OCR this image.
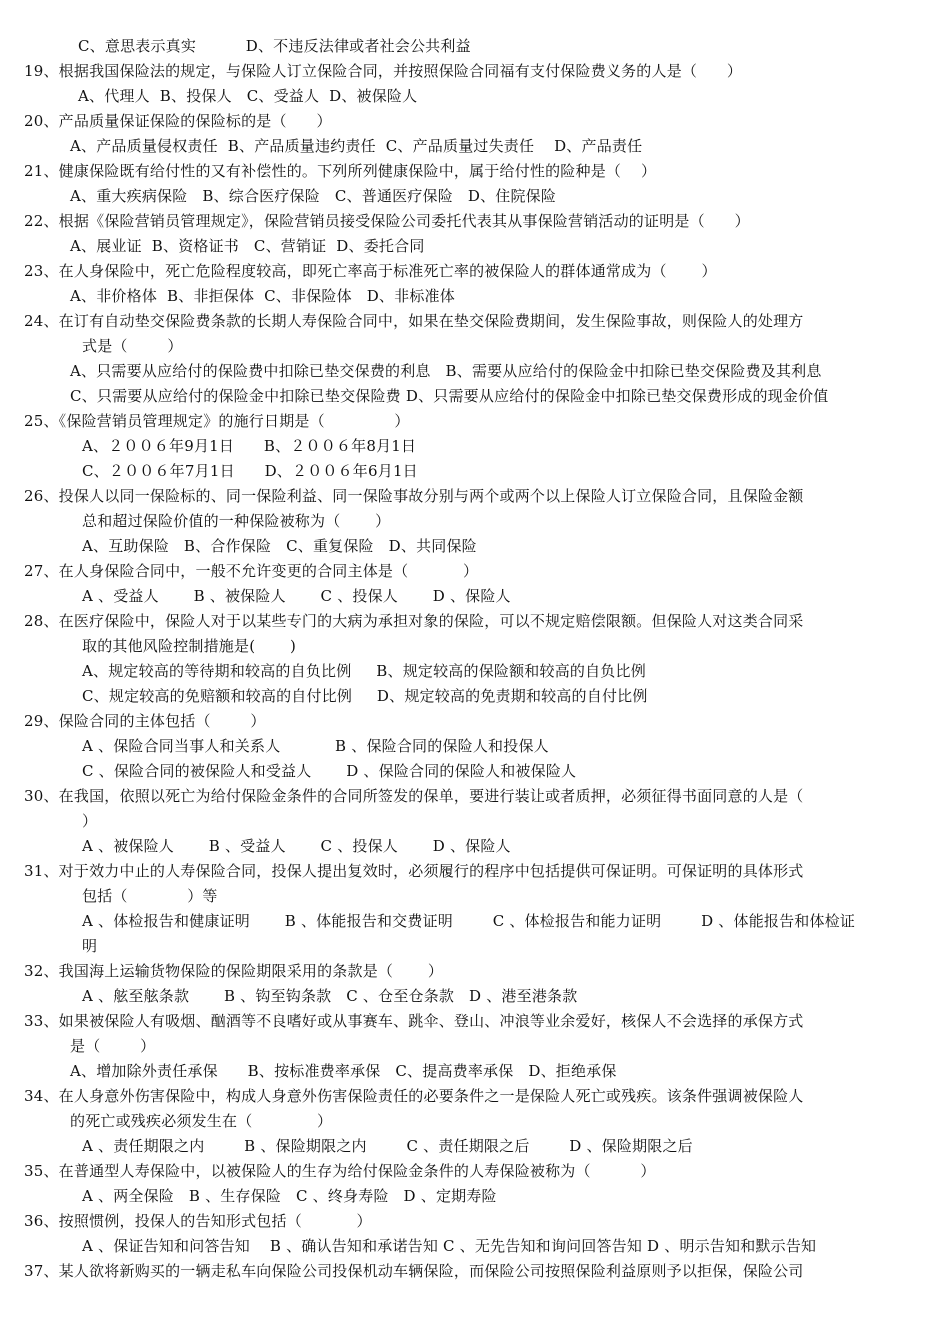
C、意思表示真实          D、不违反法律或者社会公共利益
19、根据我国保险法的规定，与保险人订立保险合同，并按照保险合同福有支付保险费义务的人是（      ）
A、代理人  B、投保人   C、受益人  D、被保险人
20、产品质量保证保险的保险标的是（      ）
A、产品质量侵权责任  B、产品质量违约责任  C、产品质量过失责任    D、产品责任
21、健康保险既有给付性的又有补偿性的。下列所列健康保险中，属于给付性的险种是（    ）
A、重大疾病保险   B、综合医疗保险   C、普通医疗保险   D、住院保险
22、根据《保险营销员管理规定》，保险营销员接受保险公司委托代表其从事保险营销活动的证明是（      ）
A、展业证  B、资格证书   C、营销证  D、委托合同
23、在人身保险中，死亡危险程度较高，即死亡率高于标准死亡率的被保险人的群体通常成为（       ）
A、非价格体  B、非拒保体  C、非保险体   D、非标准体
24、在订有自动垫交保险费条款的长期人寿保险合同中，如果在垫交保险费期间，发生保险事故，则保险人的处理方
式是（        ）
A、只需要从应给付的保险费中扣除已垫交保费的利息   B、需要从应给付的保险金中扣除已垫交保险费及其利息
C、只需要从应给付的保险金中扣除已垫交保险费 D、只需要从应给付的保险金中扣除已垫交保费形成的现金价值
25、《保险营销员管理规定》的施行日期是（              ）
A、２００６年9月1日      B、２００６年8月1日
C、２００６年7月1日      D、２００６年6月1日
26、投保人以同一保险标的、同一保险利益、同一保险事故分别与两个或两个以上保险人订立保险合同，且保险金额
总和超过保险价值的一种保险被称为（       ）
A、互助保险   B、合作保险   C、重复保险   D、共同保险
27、在人身保险合同中，一般不允许变更的合同主体是（           ）
A 、受益人       B 、被保险人       C 、投保人       D 、保险人
28、在医疗保险中，保险人对于以某些专门的大病为承担对象的保险，可以不规定赔偿限额。但保险人对这类合同采
取的其他风险控制措施是(       )
A、规定较高的等待期和较高的自负比例     B、规定较高的保险额和较高的自负比例
C、规定较高的免赔额和较高的自付比例     D、规定较高的免责期和较高的自付比例
29、保险合同的主体包括（        ）
A 、保险合同当事人和关系人           B 、保险合同的保险人和投保人
C 、保险合同的被保险人和受益人       D 、保险合同的保险人和被保险人
30、在我国，依照以死亡为给付保险金条件的合同所签发的保单，要进行装让或者质押，必须征得书面同意的人是（
）
A 、被保险人       B 、受益人       C 、投保人       D 、保险人
31、对于效力中止的人寿保险合同，投保人提出复效时，必须履行的程序中包括提供可保证明。可保证明的具体形式
包括（            ）等
A 、体检报告和健康证明       B 、体能报告和交费证明        C 、体检报告和能力证明        D 、体能报告和体检证
明
32、我国海上运输货物保险的保险期限采用的条款是（       ）
A 、舷至舷条款       B 、钩至钩条款   C 、仓至仓条款   D 、港至港条款
33、如果被保险人有吸烟、酗酒等不良嗜好或从事赛车、跳伞、登山、冲浪等业余爱好，核保人不会选择的承保方式
是（        ）
A、增加除外责任承保      B、按标准费率承保   C、提高费率承保   D、拒绝承保
34、在人身意外伤害保险中，构成人身意外伤害保险责任的必要条件之一是保险人死亡或残疾。该条件强调被保险人
的死亡或残疾必须发生在（             ）
A 、责任期限之内        B 、保险期限之内        C 、责任期限之后        D 、保险期限之后
35、在普通型人寿保险中，以被保险人的生存为给付保险金条件的人寿保险被称为（          ）
A 、两全保险   B 、生存保险   C 、终身寿险   D 、定期寿险
36、按照惯例，投保人的告知形式包括（           ）
A 、保证告知和问答告知    B 、确认告知和承诺告知 C 、无先告知和询问回答告知 D 、明示告知和默示告知
37、某人欲将新购买的一辆走私车向保险公司投保机动车辆保险，而保险公司按照保险利益原则予以拒保，保险公司
